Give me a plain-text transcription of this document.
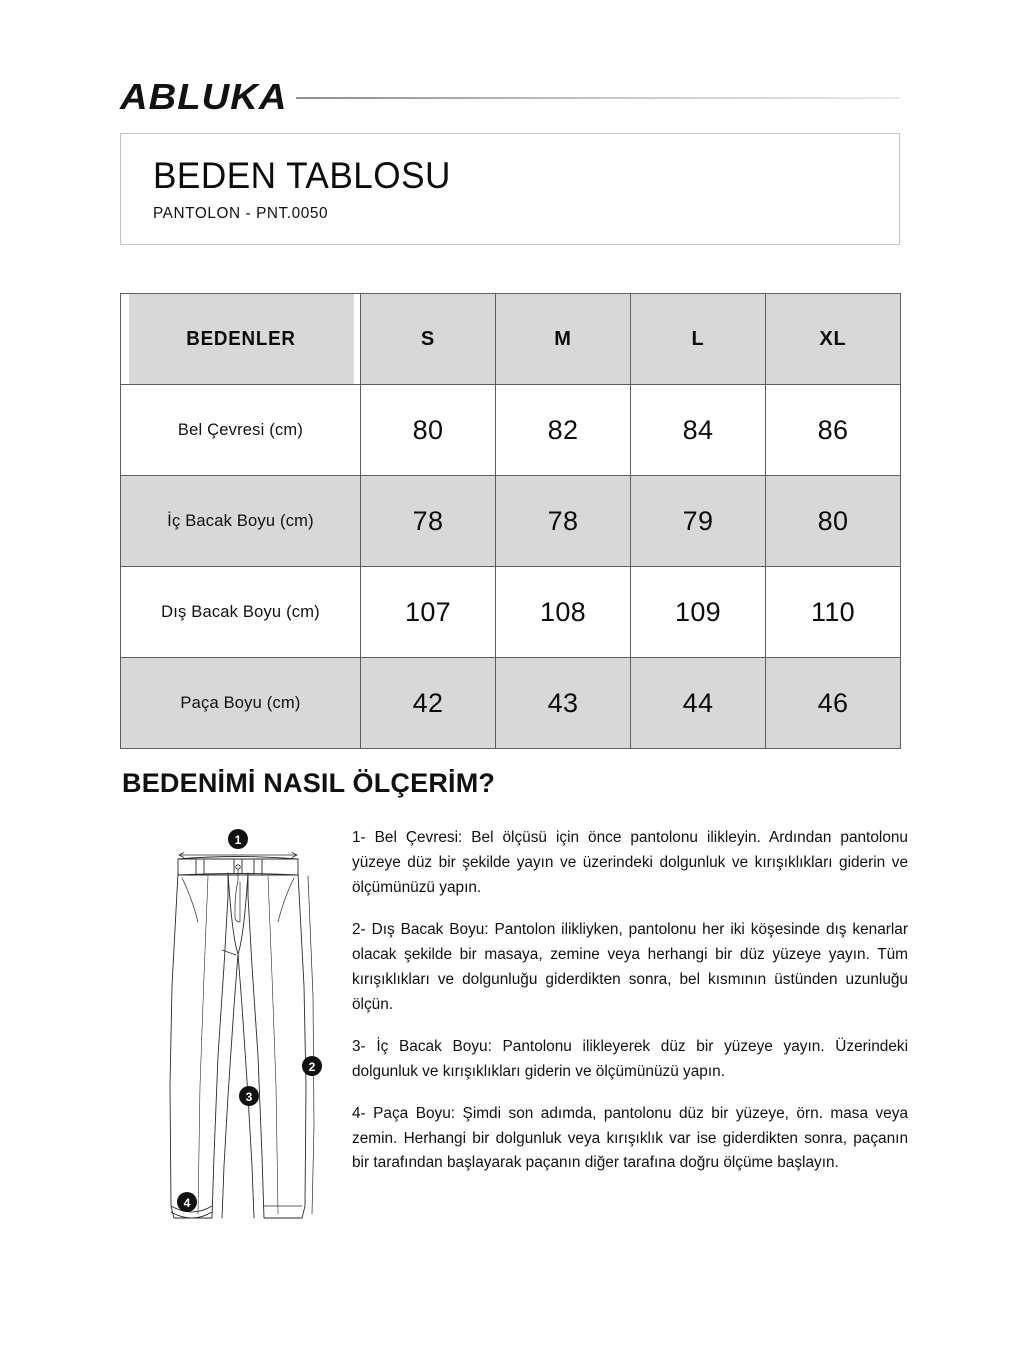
ABLUKA
BEDEN TABLOSU
PANTOLON - PNT.0050
BEDENLER	S	M	L	XL
Bel Çevresi (cm)	80	82	84	86
İç Bacak Boyu (cm)	78	78	79	80
Dış Bacak Boyu (cm)	107	108	109	110
Paça Boyu (cm)	42	43	44	46
BEDENİMİ NASIL ÖLÇERİM?
1
2
3
4

1- Bel Çevresi: Bel ölçüsü için önce pantolonu ilikleyin. Ardından pantolonu yüzeye düz bir şekilde yayın ve üzerindeki dolgunluk ve kırışıklıkları giderin ve ölçümünüzü yapın.

2- Dış Bacak Boyu: Pantolon ilikliyken, pantolonu her iki köşesinde dış kenarlar olacak şekilde bir masaya, zemine veya herhangi bir düz yüzeye yayın. Tüm kırışıklıkları ve dolgunluğu giderdikten sonra, bel kısmının üstünden uzunluğu ölçün.

3- İç Bacak Boyu: Pantolonu ilikleyerek düz bir yüzeye yayın. Üzerindeki dolgunluk ve kırışıklıkları giderin ve ölçümünüzü yapın.

4- Paça Boyu: Şimdi son adımda, pantolonu düz bir yüzeye, örn. masa veya zemin. Herhangi bir dolgunluk veya kırışıklık var ise giderdikten sonra, paçanın bir tarafından başlayarak paçanın diğer tarafına doğru ölçüme başlayın.
